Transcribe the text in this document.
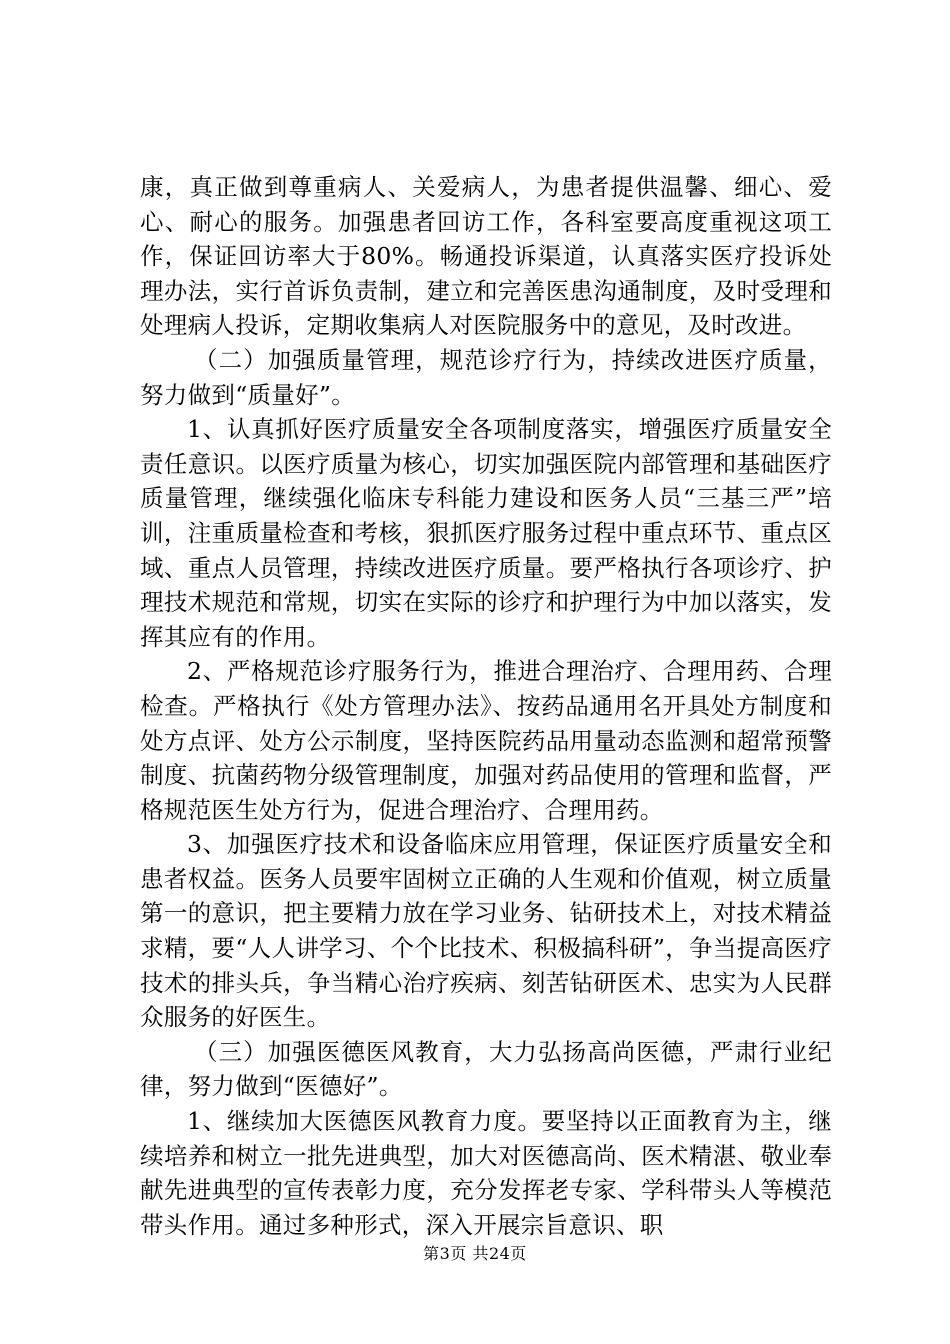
康，真正做到尊重病人、关爱病人，为患者提供温馨、细心、爱心、耐心的服务。加强患者回访工作，各科室要高度重视这项工作，保证回访率大于80%。畅通投诉渠道，认真落实医疗投诉处理办法，实行首诉负责制，建立和完善医患沟通制度，及时受理和处理病人投诉，定期收集病人对医院服务中的意见，及时改进。

（二）加强质量管理，规范诊疗行为，持续改进医疗质量，努力做到“质量好”。

1、认真抓好医疗质量安全各项制度落实，增强医疗质量安全责任意识。以医疗质量为核心，切实加强医院内部管理和基础医疗质量管理，继续强化临床专科能力建设和医务人员“三基三严”培训，注重质量检查和考核，狠抓医疗服务过程中重点环节、重点区域、重点人员管理，持续改进医疗质量。要严格执行各项诊疗、护理技术规范和常规，切实在实际的诊疗和护理行为中加以落实，发挥其应有的作用。

2、严格规范诊疗服务行为，推进合理治疗、合理用药、合理检查。严格执行《处方管理办法》、按药品通用名开具处方制度和处方点评、处方公示制度，坚持医院药品用量动态监测和超常预警制度、抗菌药物分级管理制度，加强对药品使用的管理和监督，严格规范医生处方行为，促进合理治疗、合理用药。

3、加强医疗技术和设备临床应用管理，保证医疗质量安全和患者权益。医务人员要牢固树立正确的人生观和价值观，树立质量第一的意识，把主要精力放在学习业务、钻研技术上，对技术精益求精，要“人人讲学习、个个比技术、积极搞科研”，争当提高医疗技术的排头兵，争当精心治疗疾病、刻苦钻研医术、忠实为人民群众服务的好医生。

（三）加强医德医风教育，大力弘扬高尚医德，严肃行业纪律，努力做到“医德好”。

1、继续加大医德医风教育力度。要坚持以正面教育为主，继续培养和树立一批先进典型，加大对医德高尚、医术精湛、敬业奉献先进典型的宣传表彰力度，充分发挥老专家、学科带头人等模范带头作用。通过多种形式，深入开展宗旨意识、职

第3页 共24页
